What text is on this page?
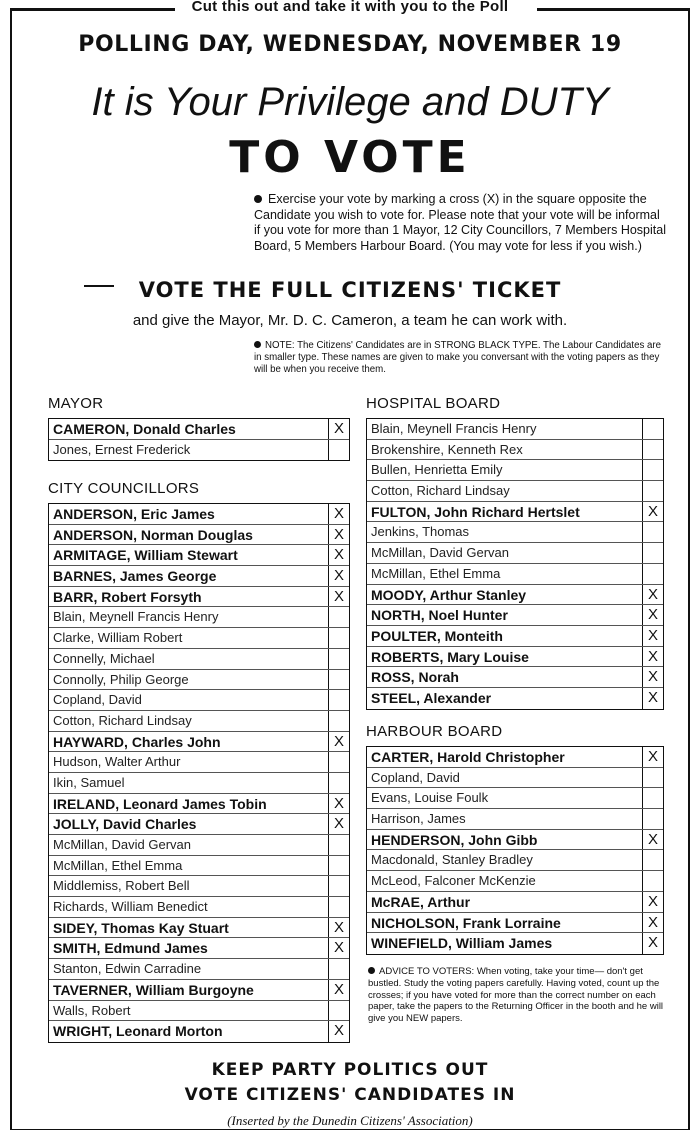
Cut this out and take it with you to the Poll
POLLING DAY, WEDNESDAY, NOVEMBER 19
It is Your Privilege and DUTY
TO VOTE
Exercise your vote by marking a cross (X) in the square opposite the Candidate you wish to vote for. Please note that your vote will be informal if you vote for more than 1 Mayor, 12 City Councillors, 7 Members Hospital Board, 5 Members Harbour Board. (You may vote for less if you wish.)
VOTE THE FULL CITIZENS' TICKET
and give the Mayor, Mr. D. C. Cameron, a team he can work with.
NOTE: The Citizens' Candidates are in STRONG BLACK TYPE. The Labour Candidates are in smaller type. These names are given to make you conversant with the voting papers as they will be when you receive them.
MAYOR
CAMERON, Donald Charles	X
Jones, Ernest Frederick
CITY COUNCILLORS
ANDERSON, Eric James	X
ANDERSON, Norman Douglas	X
ARMITAGE, William Stewart	X
BARNES, James George	X
BARR, Robert Forsyth	X
Blain, Meynell Francis Henry
Clarke, William Robert
Connelly, Michael
Connolly, Philip George
Copland, David
Cotton, Richard Lindsay
HAYWARD, Charles John	X
Hudson, Walter Arthur
Ikin, Samuel
IRELAND, Leonard James Tobin	X
JOLLY, David Charles	X
McMillan, David Gervan
McMillan, Ethel Emma
Middlemiss, Robert Bell
Richards, William Benedict
SIDEY, Thomas Kay Stuart	X
SMITH, Edmund James	X
Stanton, Edwin Carradine
TAVERNER, William Burgoyne	X
Walls, Robert
WRIGHT, Leonard Morton	X
HOSPITAL BOARD
Blain, Meynell Francis Henry
Brokenshire, Kenneth Rex
Bullen, Henrietta Emily
Cotton, Richard Lindsay
FULTON, John Richard Hertslet	X
Jenkins, Thomas
McMillan, David Gervan
McMillan, Ethel Emma
MOODY, Arthur Stanley	X
NORTH, Noel Hunter	X
POULTER, Monteith	X
ROBERTS, Mary Louise	X
ROSS, Norah	X
STEEL, Alexander	X
HARBOUR BOARD
CARTER, Harold Christopher	X
Copland, David
Evans, Louise Foulk
Harrison, James
HENDERSON, John Gibb	X
Macdonald, Stanley Bradley
McLeod, Falconer McKenzie
McRAE, Arthur	X
NICHOLSON, Frank Lorraine	X
WINEFIELD, William James	X
ADVICE TO VOTERS: When voting, take your time— don't get bustled. Study the voting papers carefully. Having voted, count up the crosses; if you have voted for more than the correct number on each paper, take the papers to the Returning Officer in the booth and he will give you NEW papers.
KEEP PARTY POLITICS OUT
VOTE CITIZENS' CANDIDATES IN
(Inserted by the Dunedin Citizens' Association)
